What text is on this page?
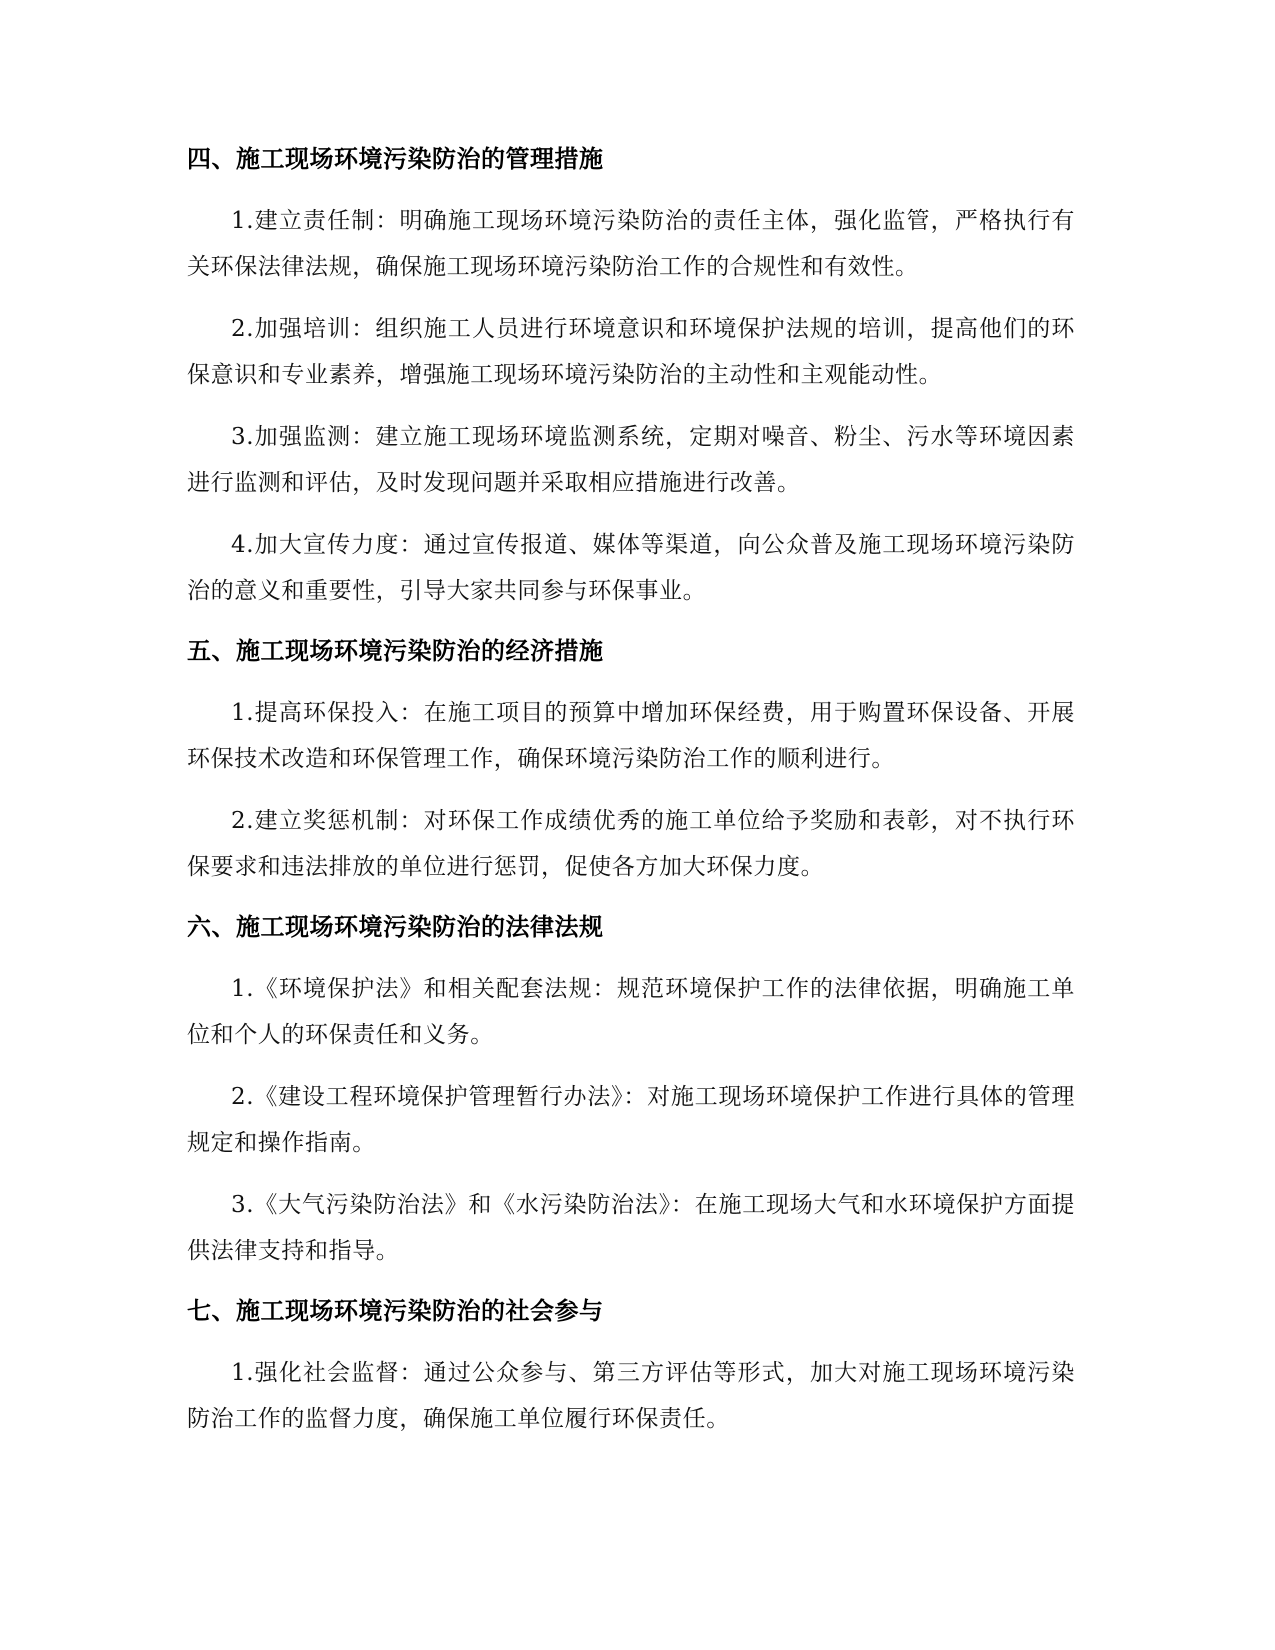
四、施工现场环境污染防治的管理措施

1.建立责任制：明确施工现场环境污染防治的责任主体，强化监管，严格执行有关环保法律法规，确保施工现场环境污染防治工作的合规性和有效性。

2.加强培训：组织施工人员进行环境意识和环境保护法规的培训，提高他们的环保意识和专业素养，增强施工现场环境污染防治的主动性和主观能动性。

3.加强监测：建立施工现场环境监测系统，定期对噪音、粉尘、污水等环境因素进行监测和评估，及时发现问题并采取相应措施进行改善。

4.加大宣传力度：通过宣传报道、媒体等渠道，向公众普及施工现场环境污染防治的意义和重要性，引导大家共同参与环保事业。

五、施工现场环境污染防治的经济措施

1.提高环保投入：在施工项目的预算中增加环保经费，用于购置环保设备、开展环保技术改造和环保管理工作，确保环境污染防治工作的顺利进行。

2.建立奖惩机制：对环保工作成绩优秀的施工单位给予奖励和表彰，对不执行环保要求和违法排放的单位进行惩罚，促使各方加大环保力度。

六、施工现场环境污染防治的法律法规

1.《环境保护法》和相关配套法规：规范环境保护工作的法律依据，明确施工单位和个人的环保责任和义务。

2.《建设工程环境保护管理暂行办法》：对施工现场环境保护工作进行具体的管理规定和操作指南。

3.《大气污染防治法》和《水污染防治法》：在施工现场大气和水环境保护方面提供法律支持和指导。

七、施工现场环境污染防治的社会参与

1.强化社会监督：通过公众参与、第三方评估等形式，加大对施工现场环境污染防治工作的监督力度，确保施工单位履行环保责任。
